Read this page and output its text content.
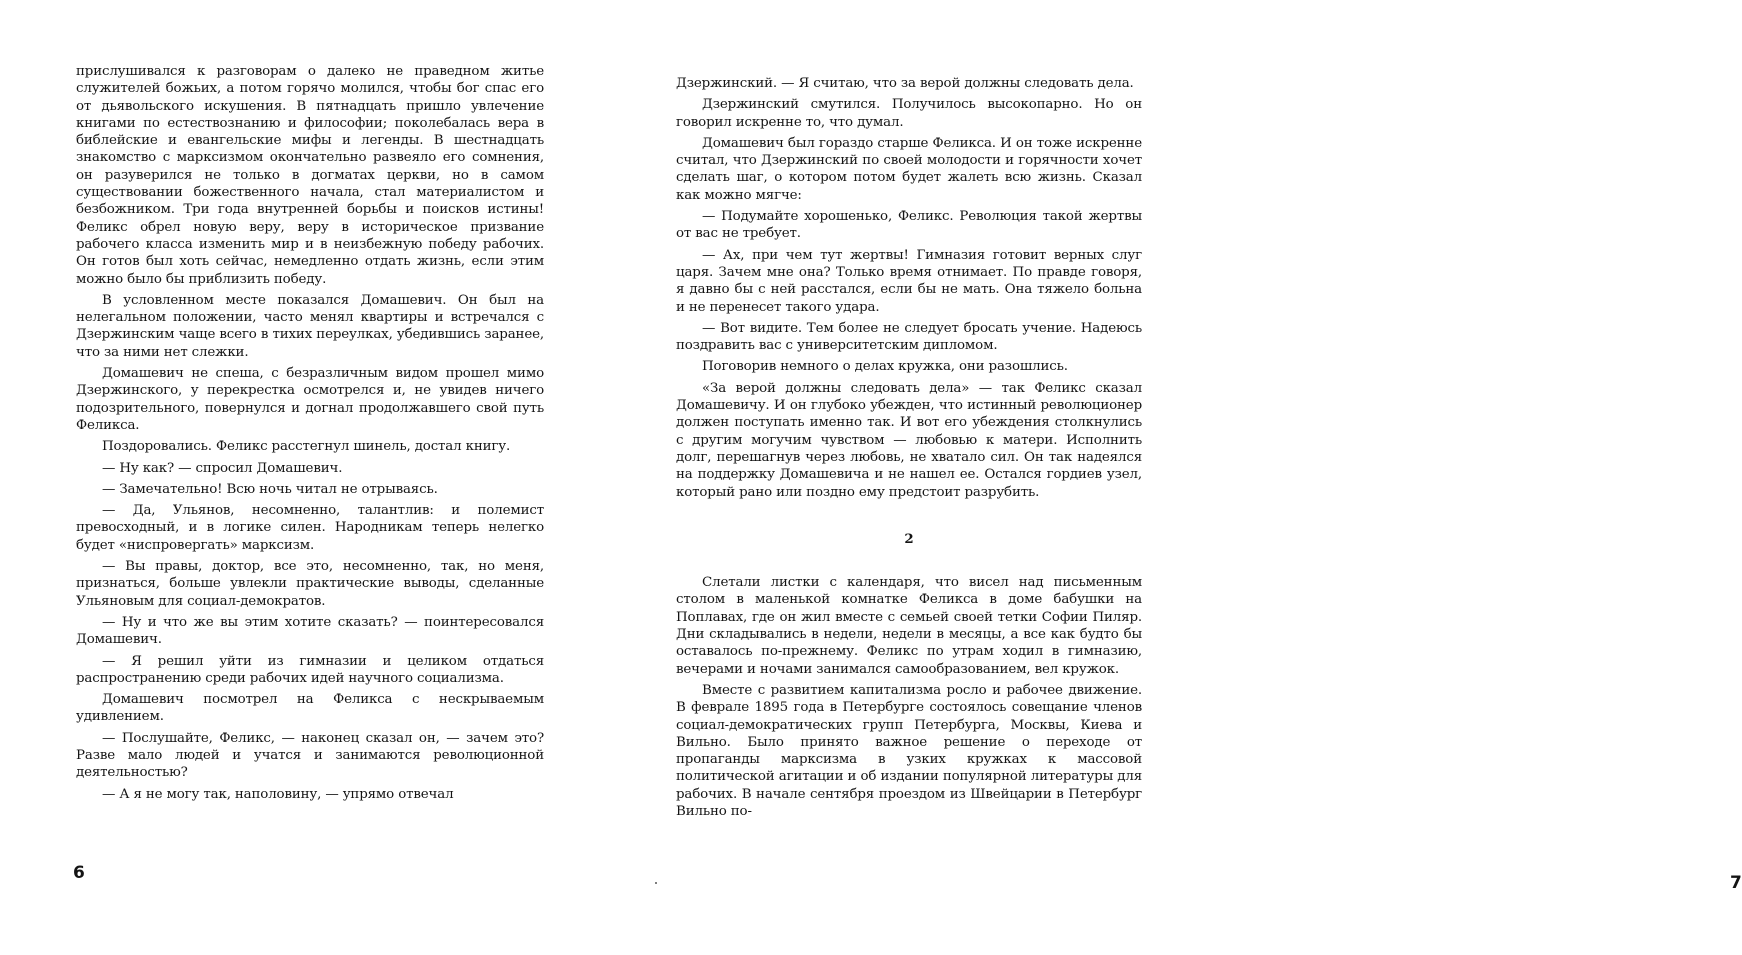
прислушивался к разговорам о далеко не праведном житье служителей божьих, а потом горячо молился, чтобы бог спас его от дьявольского искушения. В пятнадцать пришло увлечение книгами по естествознанию и философии; поколебалась вера в библейские и евангельские мифы и легенды. В шестнадцать знакомство с марксизмом окончательно развеяло его сомнения, он разуверился не только в догматах церкви, но в самом существовании божественного начала, стал материалистом и безбожником. Три года внутренней борьбы и поисков истины! Феликс обрел новую веру, веру в историческое призвание рабочего класса изменить мир и в неизбежную победу рабочих. Он готов был хоть сейчас, немедленно отдать жизнь, если этим можно было бы приблизить победу.

В условленном месте показался Домашевич. Он был на нелегальном положении, часто менял квартиры и встречался с Дзержинским чаще всего в тихих переулках, убедившись заранее, что за ними нет слежки.

Домашевич не спеша, с безразличным видом прошел мимо Дзержинского, у перекрестка осмотрелся и, не увидев ничего подозрительного, повернулся и догнал продолжавшего свой путь Феликса.

Поздоровались. Феликс расстегнул шинель, достал книгу.

— Ну как? — спросил Домашевич.

— Замечательно! Всю ночь читал не отрываясь.

— Да, Ульянов, несомненно, талантлив: и полемист превосходный, и в логике силен. Народникам теперь нелегко будет «ниспровергать» марксизм.

— Вы правы, доктор, все это, несомненно, так, но меня, признаться, больше увлекли практические выводы, сделанные Ульяновым для социал-демократов.

— Ну и что же вы этим хотите сказать? — поинтересовался Домашевич.

— Я решил уйти из гимназии и целиком отдаться распространению среди рабочих идей научного социализма.

Домашевич посмотрел на Феликса с нескрываемым удивлением.

— Послушайте, Феликс, — наконец сказал он, — зачем это? Разве мало людей и учатся и занимаются революционной деятельностью?

— А я не могу так, наполовину, — упрямо отвечал

6

Дзержинский. — Я считаю, что за верой должны следовать дела.

Дзержинский смутился. Получилось высокопарно. Но он говорил искренне то, что думал.

Домашевич был гораздо старше Феликса. И он тоже искренне считал, что Дзержинский по своей молодости и горячности хочет сделать шаг, о котором потом будет жалеть всю жизнь. Сказал как можно мягче:

— Подумайте хорошенько, Феликс. Революция такой жертвы от вас не требует.

— Ах, при чем тут жертвы! Гимназия готовит верных слуг царя. Зачем мне она? Только время отнимает. По правде говоря, я давно бы с ней расстался, если бы не мать. Она тяжело больна и не перенесет такого удара.

— Вот видите. Тем более не следует бросать учение. Надеюсь поздравить вас с университетским дипломом.

Поговорив немного о делах кружка, они разошлись.

«За верой должны следовать дела» — так Феликс сказал Домашевичу. И он глубоко убежден, что истинный революционер должен поступать именно так. И вот его убеждения столкнулись с другим могучим чувством — любовью к матери. Исполнить долг, перешагнув через любовь, не хватало сил. Он так надеялся на поддержку Домашевича и не нашел ее. Остался гордиев узел, который рано или поздно ему предстоит разрубить.

2

Слетали листки с календаря, что висел над письменным столом в маленькой комнатке Феликса в доме бабушки на Поплавах, где он жил вместе с семьей своей тетки Софии Пиляр. Дни складывались в недели, недели в месяцы, а все как будто бы оставалось по-прежнему. Феликс по утрам ходил в гимназию, вечерами и ночами занимался самообразованием, вел кружок.

Вместе с развитием капитализма росло и рабочее движение. В феврале 1895 года в Петербурге состоялось совещание членов социал-демократических групп Петербурга, Москвы, Киева и Вильно. Было принято важное решение о переходе от пропаганды марксизма в узких кружках к массовой политической агитации и об издании популярной литературы для рабочих. В начале сентября проездом из Швейцарии в Петербург Вильно по-

7
